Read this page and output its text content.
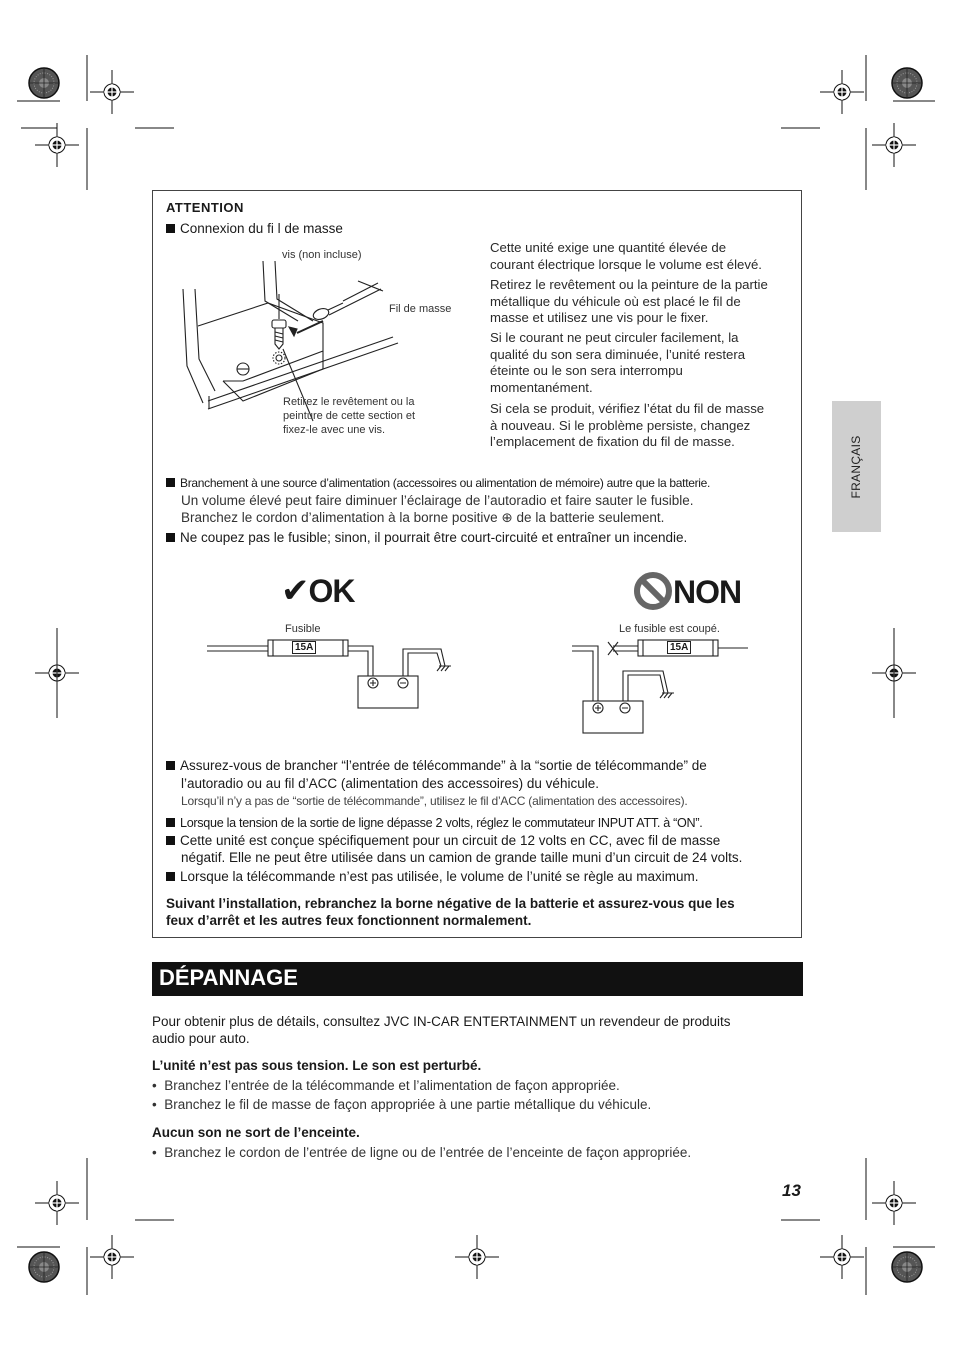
FRANÇAIS
ATTENTION
Connexion du fi l de masse
vis (non incluse)
Fil de masse
Retirez le revêtement ou la
peinture de cette section et
fixez-le avec une vis.
Cette unité exige une quantité élevée de
courant électrique lorsque le volume est élevé.
Retirez le revêtement ou la peinture de la partie
métallique du véhicule où est placé le fil de
masse et utilisez une vis pour le fixer.
Si le courant ne peut circuler facilement, la
qualité du son sera diminuée, l’unité restera
éteinte ou le son sera interrompu
momentanément.
Si cela se produit, vérifiez l’état du fil de masse
à nouveau. Si le problème persiste, changez
l’emplacement de fixation du fil de masse.
Branchement à une source d’alimentation (accessoires ou alimentation de mémoire) autre que la batterie.
Un volume élevé peut faire diminuer l’éclairage de l’autoradio et faire sauter le fusible.
Branchez le cordon d’alimentation à la borne positive ⊕ de la batterie seulement.
Ne coupez pas le fusible; sinon, il pourrait être court-circuité et entraîner un incendie.
✔OK
Fusible
15A
NON
Le fusible est coupé.
15A
Assurez-vous de brancher “l’entrée de télécommande” à la “sortie de télécommande” de
l’autoradio ou au fil d’ACC (alimentation des accessoires) du véhicule.
Lorsqu’il n’y a pas de “sortie de télécommande”, utilisez le fil d’ACC (alimentation des accessoires).
Lorsque la tension de la sortie de ligne dépasse 2 volts, réglez le commutateur INPUT ATT. à “ON”.
Cette unité est conçue spécifiquement pour un circuit de 12 volts en CC, avec fil de masse
négatif. Elle ne peut être utilisée dans un camion de grande taille muni d’un circuit de 24 volts.
Lorsque la télécommande n’est pas utilisée, le volume de l’unité se règle au maximum.
Suivant l’installation, rebranchez la borne négative de la batterie et assurez-vous que les
feux d’arrêt et les autres feux fonctionnent normalement.
DÉPANNAGE
Pour obtenir plus de détails, consultez JVC IN-CAR ENTERTAINMENT un revendeur de produits
audio pour auto.
L’unité n’est pas sous tension. Le son est perturbé.
• Branchez l’entrée de la télécommande et l’alimentation de façon appropriée.
• Branchez le fil de masse de façon appropriée à une partie métallique du véhicule.
Aucun son ne sort de l’enceinte.
• Branchez le cordon de l’entrée de ligne ou de l’entrée de l’enceinte de façon appropriée.
13
